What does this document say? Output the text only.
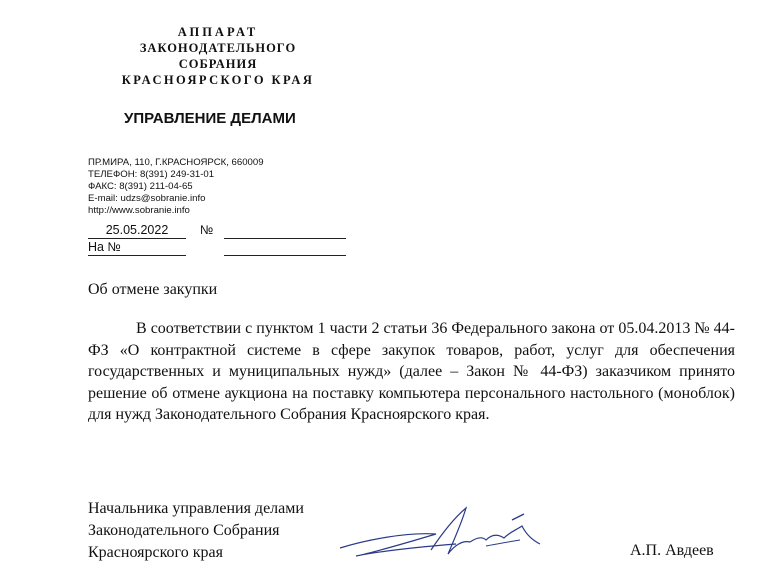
АППАРАТ
ЗАКОНОДАТЕЛЬНОГО СОБРАНИЯ
КРАСНОЯРСКОГО КРАЯ
УПРАВЛЕНИЕ ДЕЛАМИ
ПР.МИРА, 110, Г.КРАСНОЯРСК, 660009
ТЕЛЕФОН: 8(391) 249-31-01
ФАКС: 8(391) 211-04-65
E-mail: udzs@sobranie.info
http://www.sobranie.info
25.05.2022	№
На №
Об отмене закупки
В соответствии с пунктом 1 части 2 статьи 36 Федерального закона от 05.04.2013 № 44-ФЗ «О контрактной системе в сфере закупок товаров, работ, услуг для обеспечения государственных и муниципальных нужд» (далее – Закон № 44-ФЗ) заказчиком принято решение об отмене аукциона на поставку компьютера персонального настольного (моноблок) для нужд Законодательного Собрания Красноярского края.
Начальника управления делами
Законодательного Собрания
Красноярского края	А.П. Авдеев
